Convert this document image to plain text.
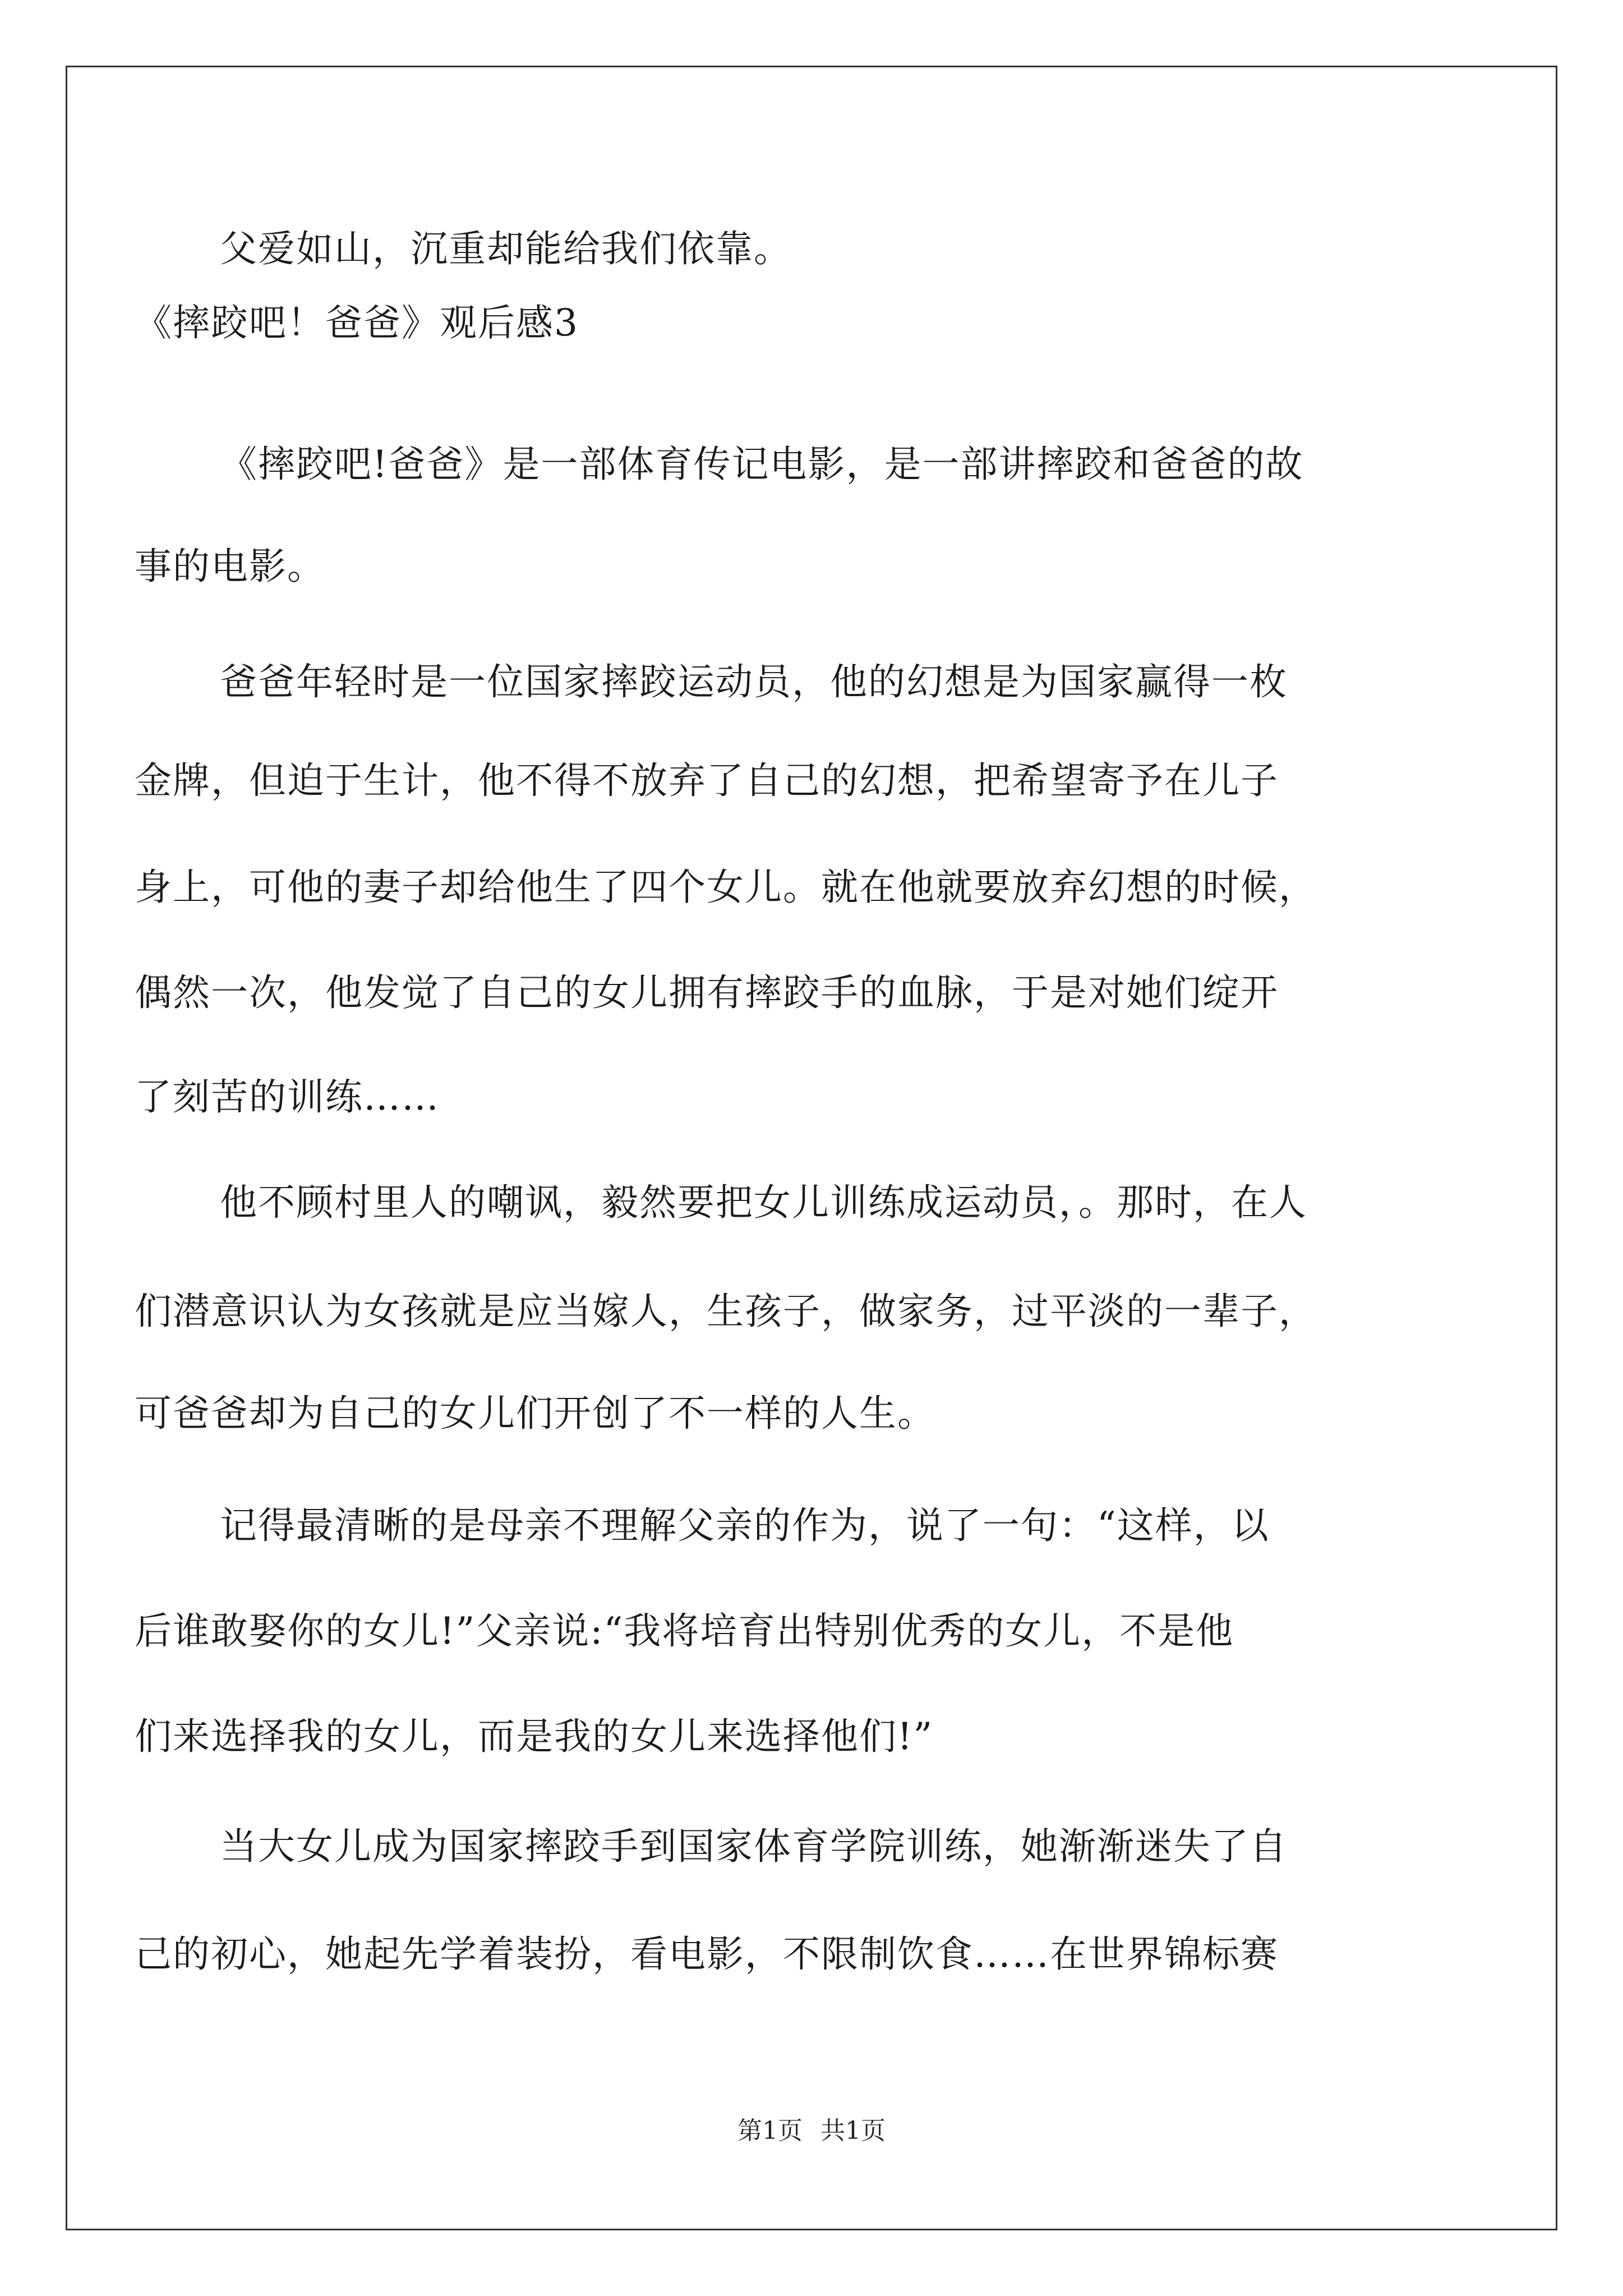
父爱如山，沉重却能给我们依靠。
《摔跤吧！爸爸》观后感3
《摔跤吧!爸爸》是一部体育传记电影，是一部讲摔跤和爸爸的故
事的电影。
爸爸年轻时是一位国家摔跤运动员，他的幻想是为国家赢得一枚
金牌，但迫于生计，他不得不放弃了自己的幻想，把希望寄予在儿子
身上，可他的妻子却给他生了四个女儿。就在他就要放弃幻想的时候，
偶然一次，他发觉了自己的女儿拥有摔跤手的血脉，于是对她们绽开
了刻苦的训练……
他不顾村里人的嘲讽，毅然要把女儿训练成运动员，。那时，在人
们潜意识认为女孩就是应当嫁人，生孩子，做家务，过平淡的一辈子，
可爸爸却为自己的女儿们开创了不一样的人生。
记得最清晰的是母亲不理解父亲的作为，说了一句：“这样，以
后谁敢娶你的女儿!”父亲说:“我将培育出特别优秀的女儿，不是他
们来选择我的女儿，而是我的女儿来选择他们!”
当大女儿成为国家摔跤手到国家体育学院训练，她渐渐迷失了自
己的初心，她起先学着装扮，看电影，不限制饮食……在世界锦标赛
第1页 共1页
